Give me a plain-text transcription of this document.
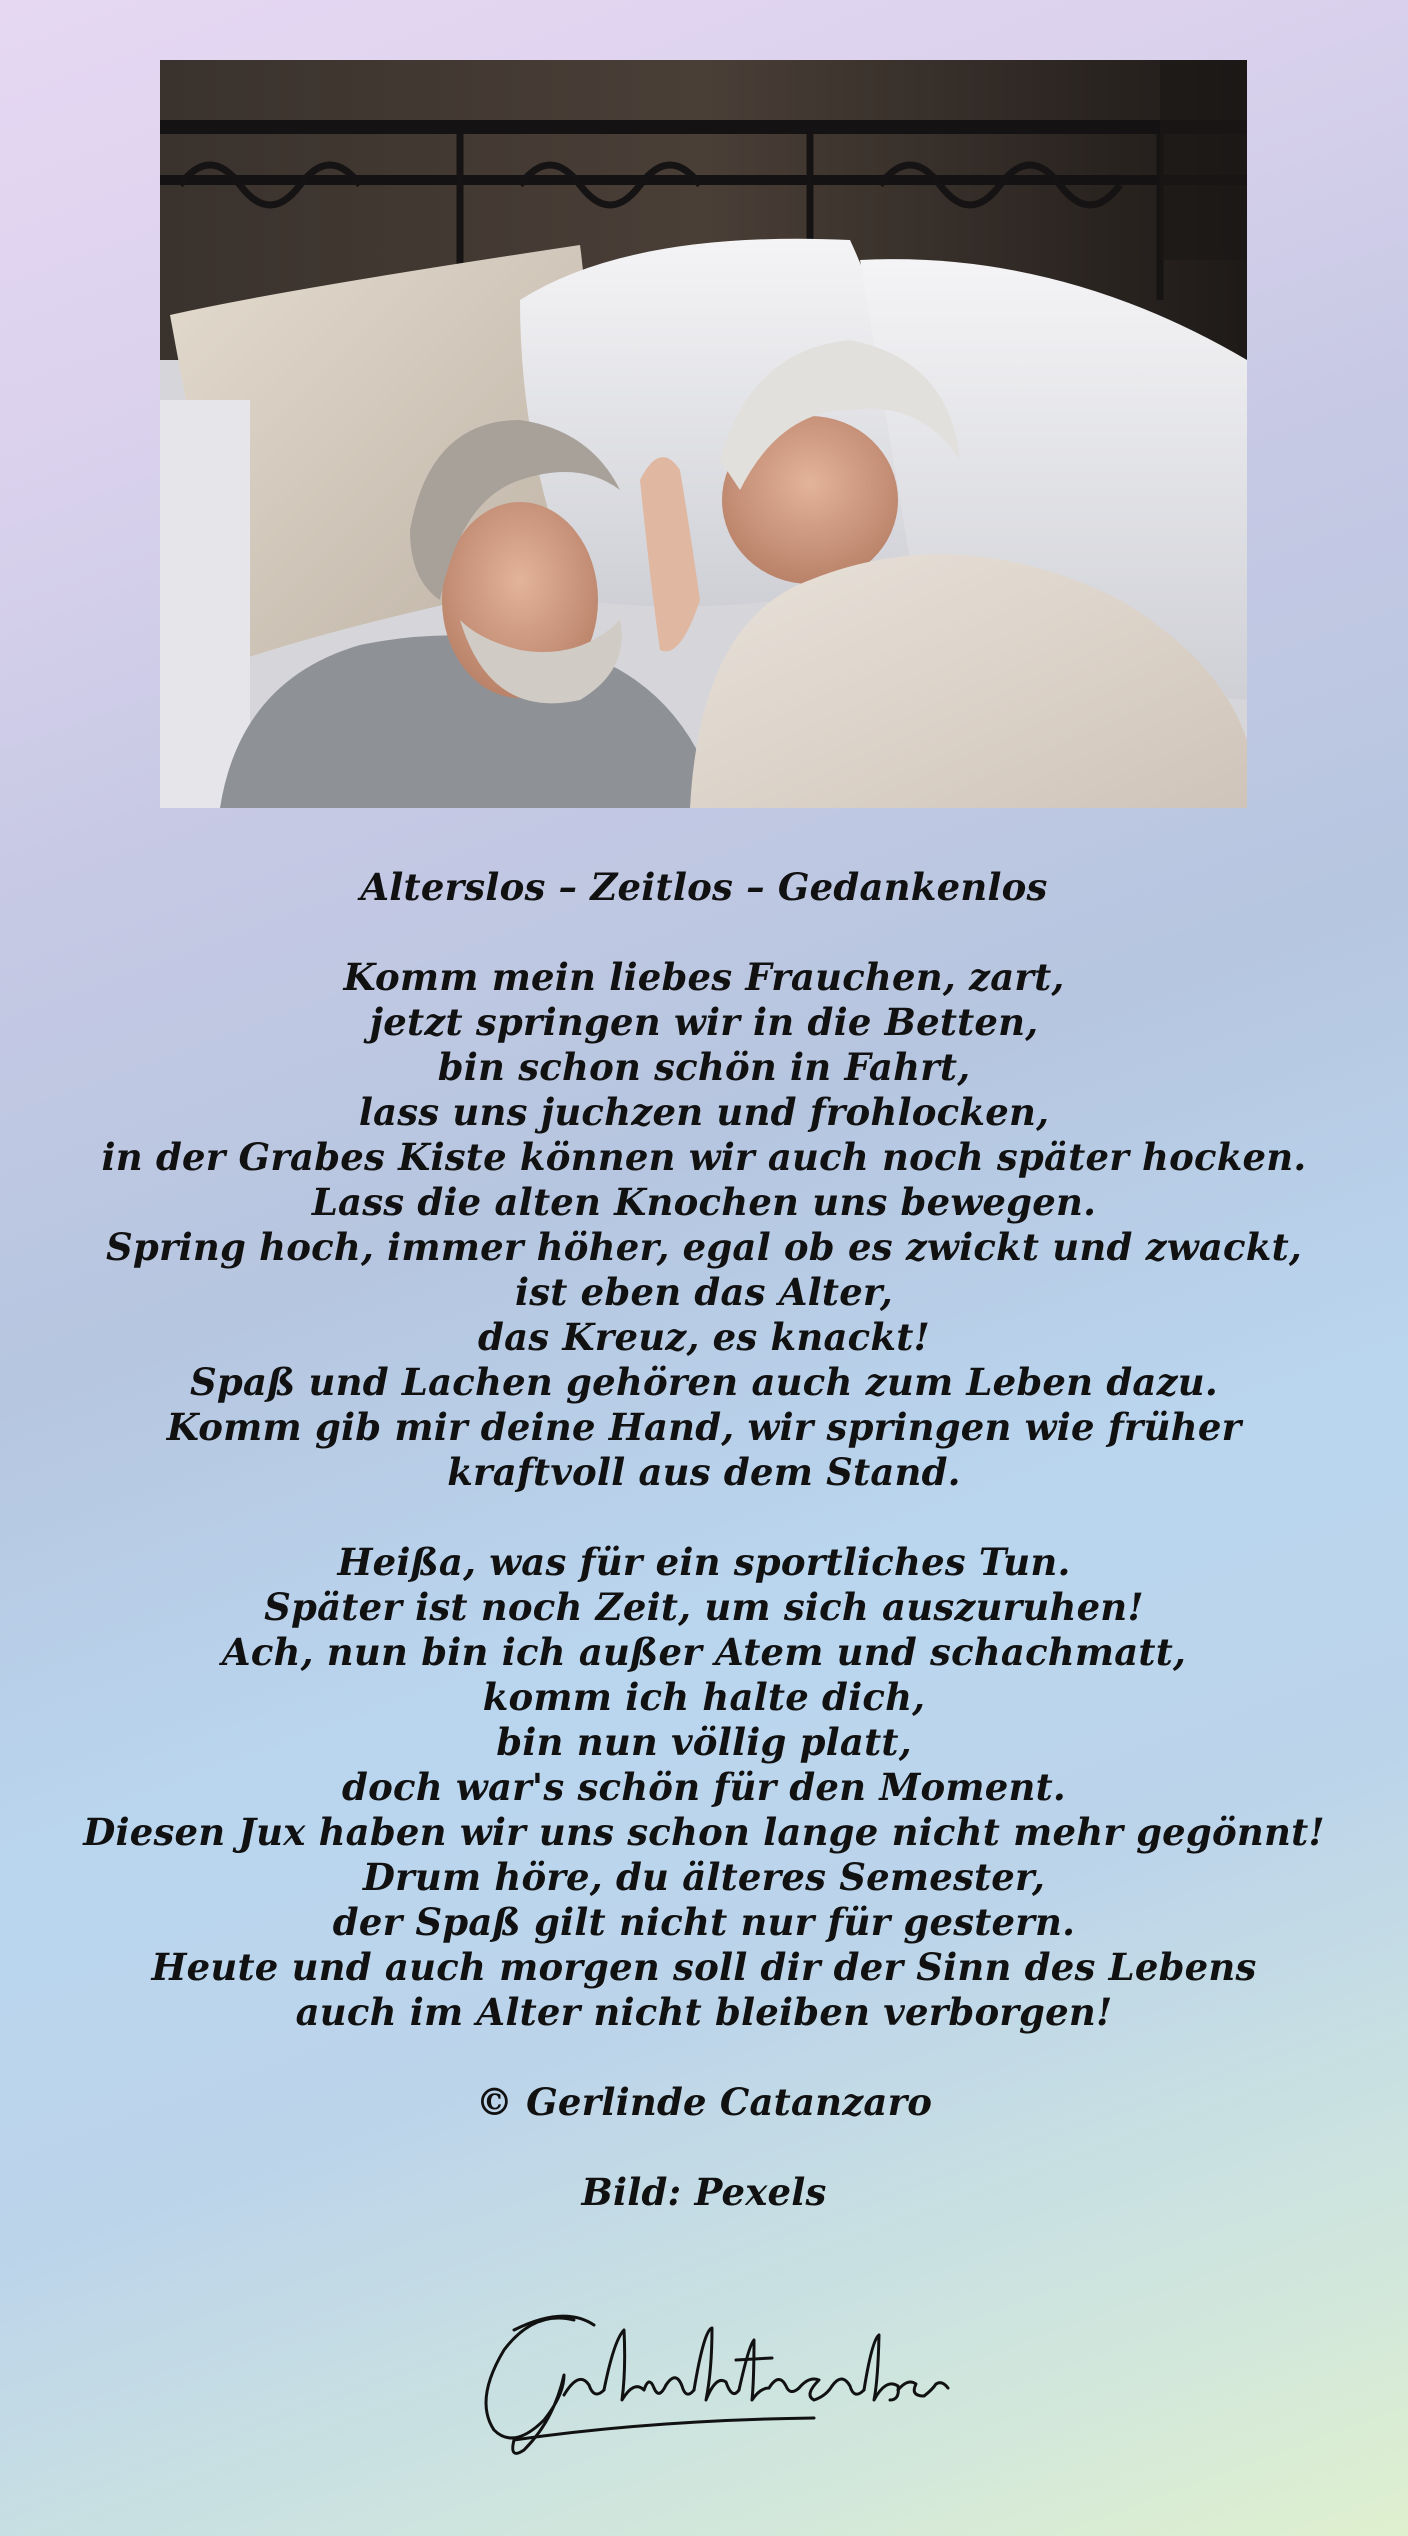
Alterslos – Zeitlos – Gedankenlos
Komm mein liebes Frauchen, zart,
jetzt springen wir in die Betten,
bin schon schön in Fahrt,
lass uns juchzen und frohlocken,
in der Grabes Kiste können wir auch noch später hocken.
Lass die alten Knochen uns bewegen.
Spring hoch, immer höher, egal ob es zwickt und zwackt,
ist eben das Alter,
das Kreuz, es knackt!
Spaß und Lachen gehören auch zum Leben dazu.
Komm gib mir deine Hand, wir springen wie früher
kraftvoll aus dem Stand.
Heißa, was für ein sportliches Tun.
Später ist noch Zeit, um sich auszuruhen!
Ach, nun bin ich außer Atem und schachmatt,
komm ich halte dich,
bin nun völlig platt,
doch war's schön für den Moment.
Diesen Jux haben wir uns schon lange nicht mehr gegönnt!
Drum höre, du älteres Semester,
der Spaß gilt nicht nur für gestern.
Heute und auch morgen soll dir der Sinn des Lebens
auch im Alter nicht bleiben verborgen!
© Gerlinde Catanzaro
Bild: Pexels
